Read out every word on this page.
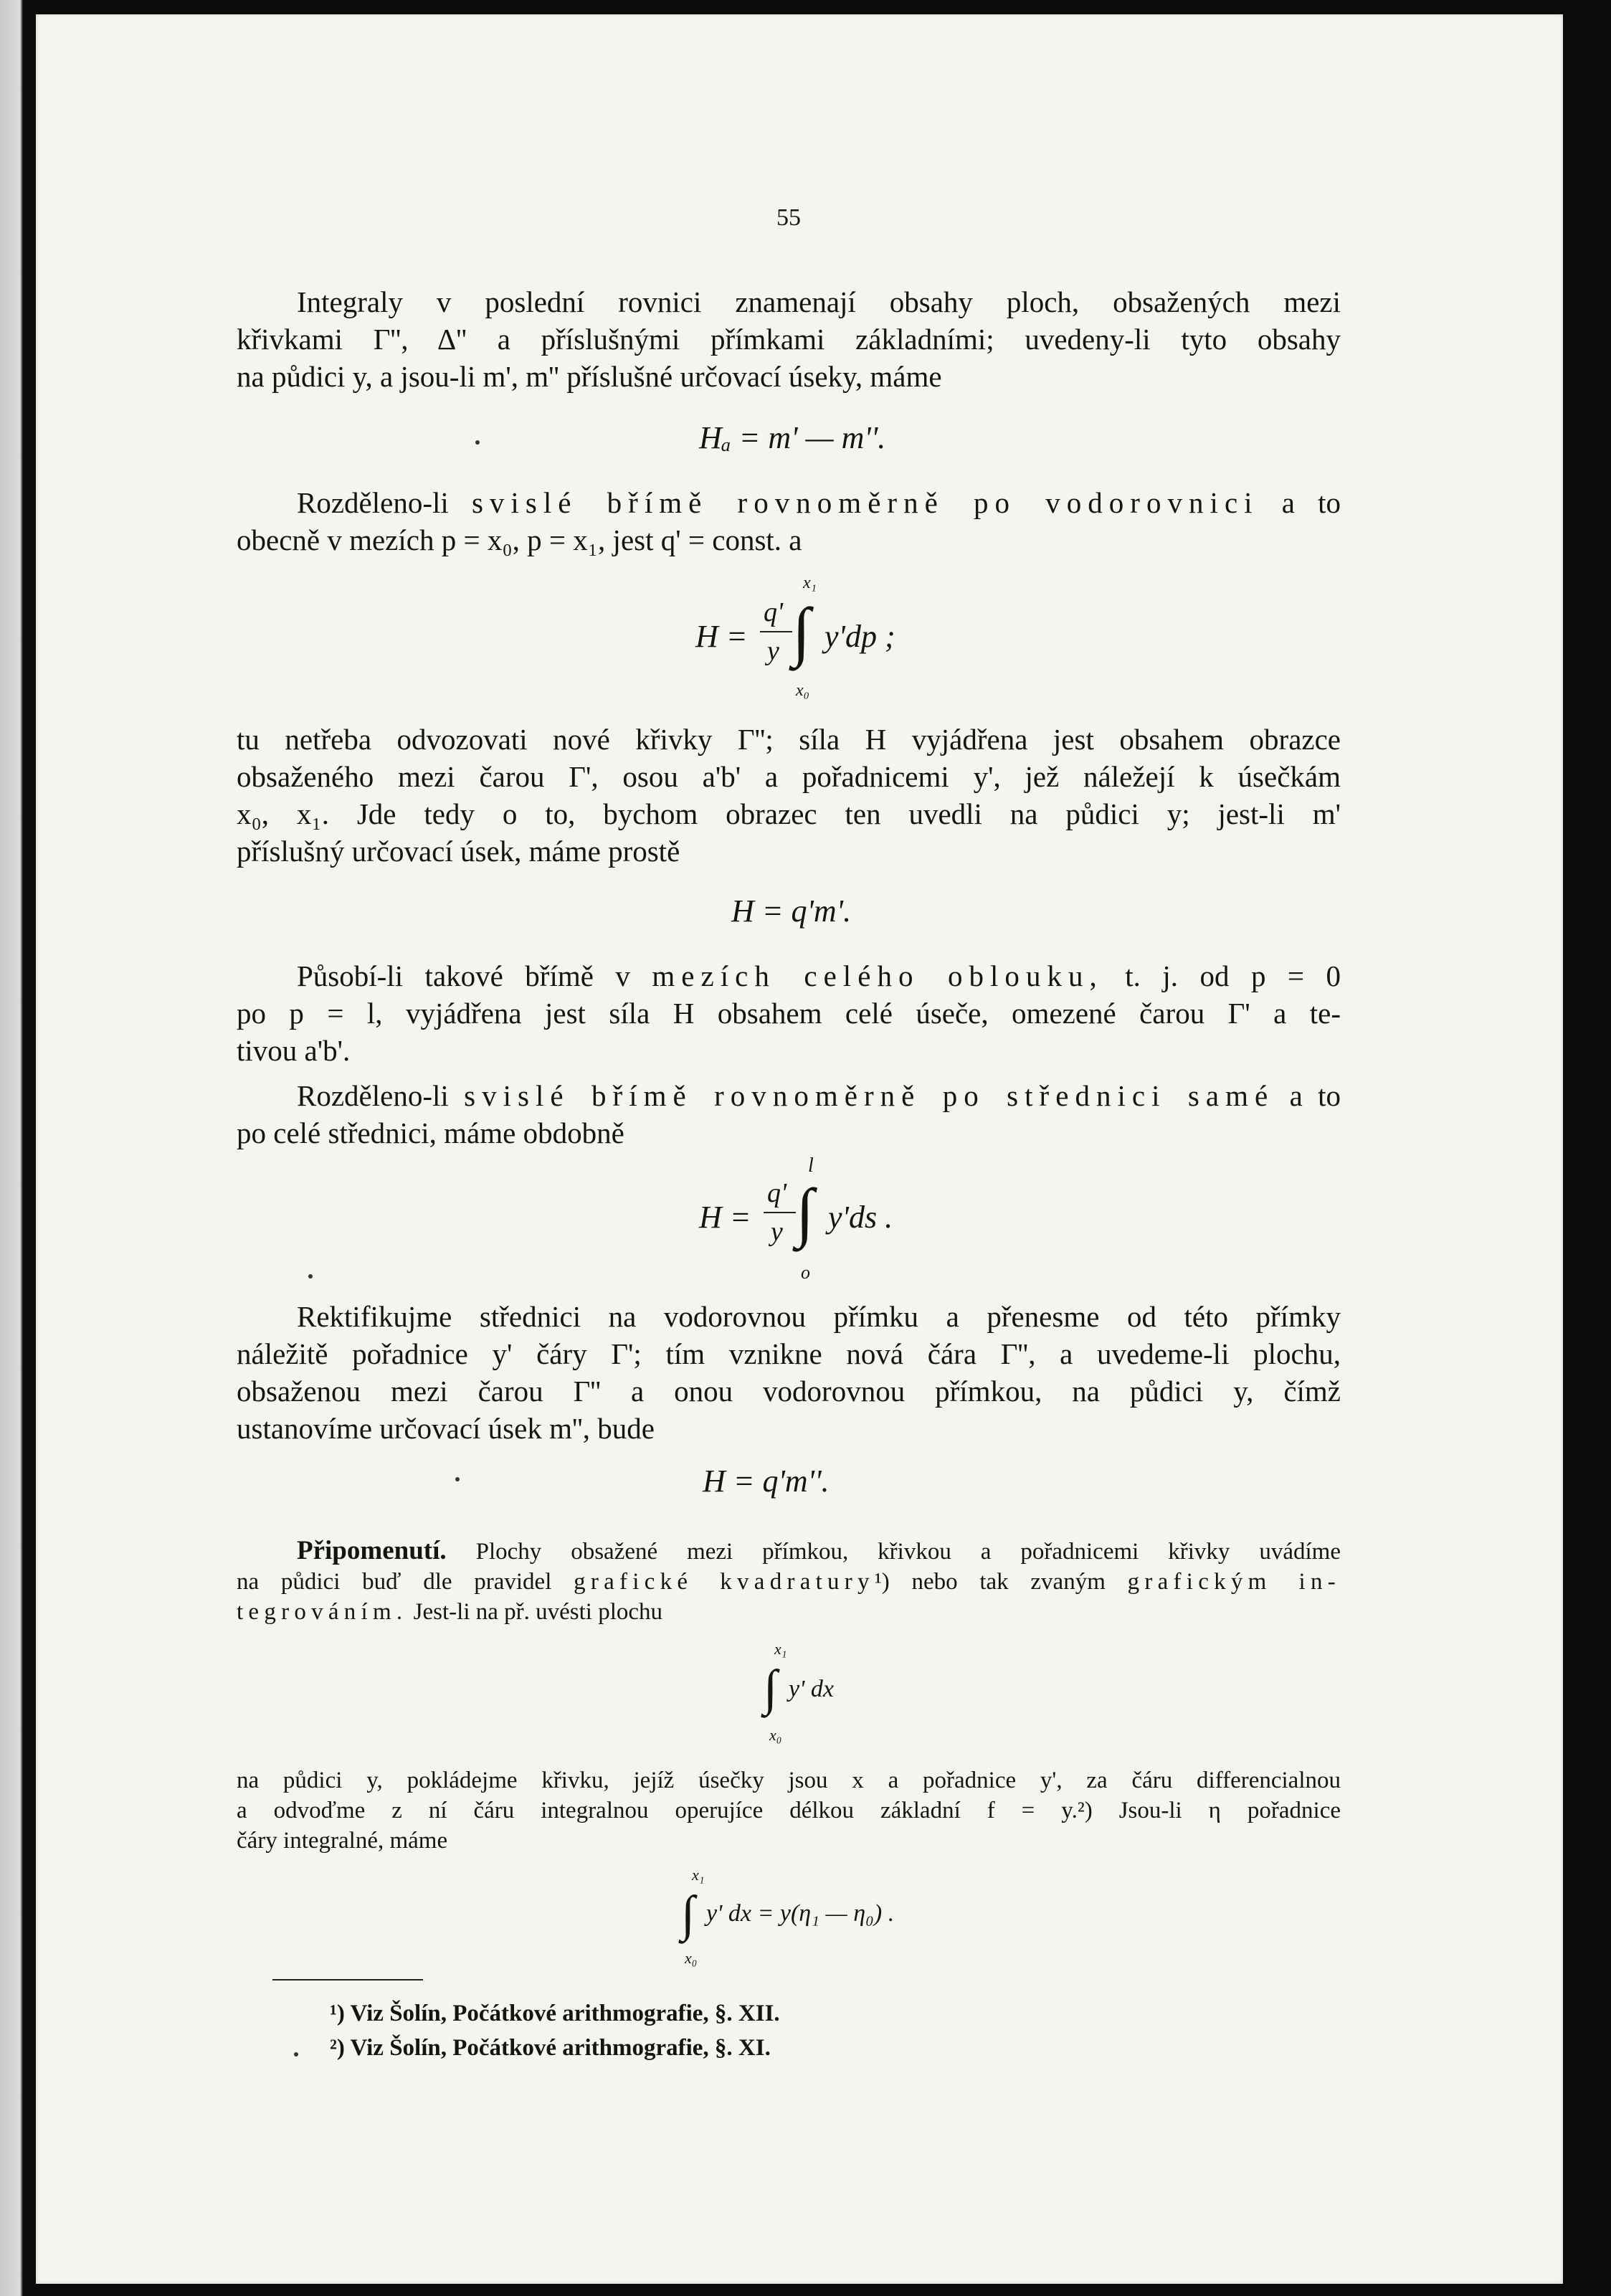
55
Integraly v poslední rovnici znamenají obsahy ploch, obsažených mezi
křivkami Γ'', Δ'' a příslušnými přímkami základními; uvedeny-li tyto obsahy
na půdici y, a jsou-li m', m'' příslušné určovací úseky, máme
Hₐ = m' — m''.
Rozděleno-li svislé břímě rovnoměrně po vodorovnici a to
obecně v mezích p = x₀, p = x₁, jest q' = const. a
H =
q'
y ∫
x₁
x₀
y'dp ;
tu netřeba odvozovati nové křivky Γ''; síla H vyjádřena jest obsahem obrazce
obsaženého mezi čarou Γ', osou a'b' a pořadnicemi y', jež náležejí k úsečkám
x₀, x₁. Jde tedy o to, bychom obrazec ten uvedli na půdici y; jest-li m'
příslušný určovací úsek, máme prostě
H = q'm'.
Působí-li takové břímě v mezích celého oblouku, t. j. od p = 0
po p = l, vyjádřena jest síla H obsahem celé úseče, omezené čarou Γ' a te-
tivou a'b'.
Rozděleno-li svislé břímě rovnoměrně po střednici samé a to
po celé střednici, máme obdobně
H =
q'
y ∫
l
o
y'ds .
Rektifikujme střednici na vodorovnou přímku a přenesme od této přímky
náležitě pořadnice y' čáry Γ'; tím vznikne nová čára Γ'', a uvedeme-li plochu,
obsaženou mezi čarou Γ'' a onou vodorovnou přímkou, na půdici y, čímž
ustanovíme určovací úsek m'', bude
H = q'm''.
Připomenutí. Plochy obsažené mezi přímkou, křivkou a pořadnicemi křivky uvádíme
na půdici buď dle pravidel grafické kvadratury¹) nebo tak zvaným grafickým in-
tegrováním. Jest-li na př. uvésti plochu
∫
x₁
x₀
y' dx
na půdici y, pokládejme křivku, jejíž úsečky jsou x a pořadnice y', za čáru differencialnou
a odvoďme z ní čáru integralnou operujíce délkou základní f = y.²) Jsou-li η pořadnice
čáry integralné, máme
∫
x₁
x₀
y' dx = y(η₁ — η₀) .
¹) Viz Šolín, Počátkové arithmografie, §. XII.
²) Viz Šolín, Počátkové arithmografie, §. XI.
